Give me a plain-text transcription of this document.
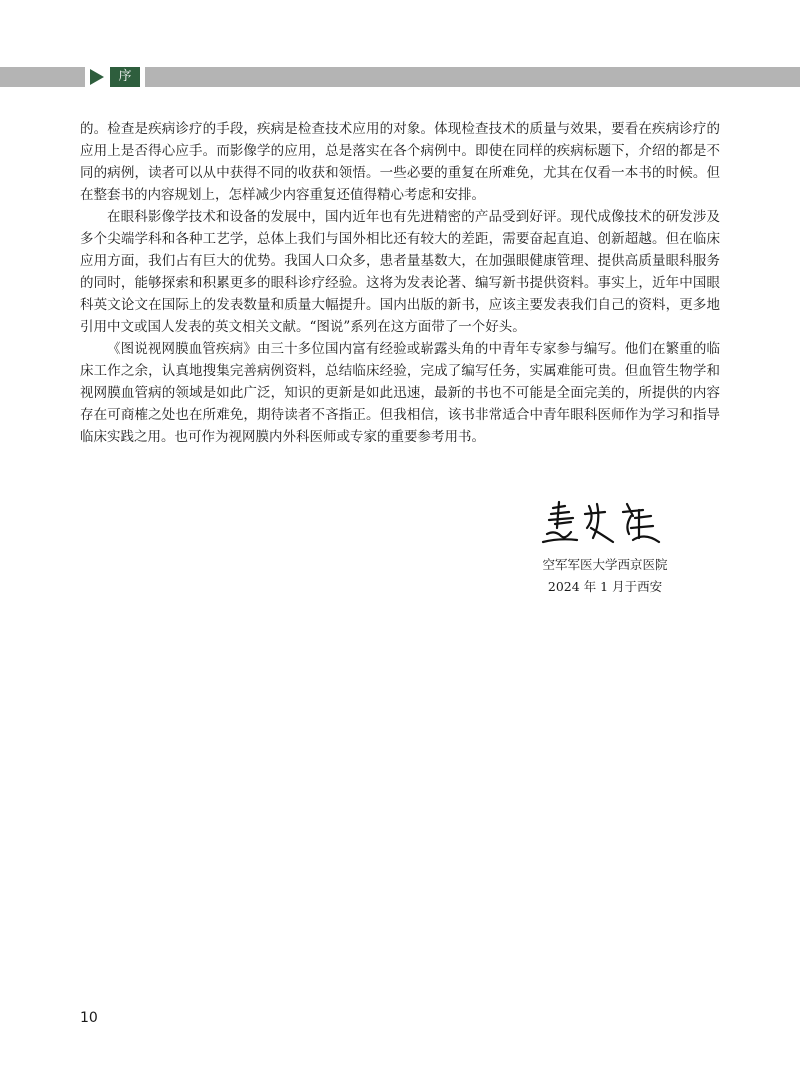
序

的。检查是疾病诊疗的手段，疾病是检查技术应用的对象。体现检查技术的质量与效果，要看在疾病诊疗的应用上是否得心应手。而影像学的应用，总是落实在各个病例中。即使在同样的疾病标题下，介绍的都是不同的病例，读者可以从中获得不同的收获和领悟。一些必要的重复在所难免，尤其在仅看一本书的时候。但在整套书的内容规划上，怎样减少内容重复还值得精心考虑和安排。

在眼科影像学技术和设备的发展中，国内近年也有先进精密的产品受到好评。现代成像技术的研发涉及多个尖端学科和各种工艺学，总体上我们与国外相比还有较大的差距，需要奋起直追、创新超越。但在临床应用方面，我们占有巨大的优势。我国人口众多，患者量基数大，在加强眼健康管理、提供高质量眼科服务的同时，能够探索和积累更多的眼科诊疗经验。这将为发表论著、编写新书提供资料。事实上，近年中国眼科英文论文在国际上的发表数量和质量大幅提升。国内出版的新书，应该主要发表我们自己的资料，更多地引用中文或国人发表的英文相关文献。“图说”系列在这方面带了一个好头。

《图说视网膜血管疾病》由三十多位国内富有经验或崭露头角的中青年专家参与编写。他们在繁重的临床工作之余，认真地搜集完善病例资料，总结临床经验，完成了编写任务，实属难能可贵。但血管生物学和视网膜血管病的领域是如此广泛，知识的更新是如此迅速，最新的书也不可能是全面完美的，所提供的内容存在可商榷之处也在所难免，期待读者不吝指正。但我相信，该书非常适合中青年眼科医师作为学习和指导临床实践之用。也可作为视网膜内外科医师或专家的重要参考用书。

空军军医大学西京医院
2024 年 1 月于西安
10
